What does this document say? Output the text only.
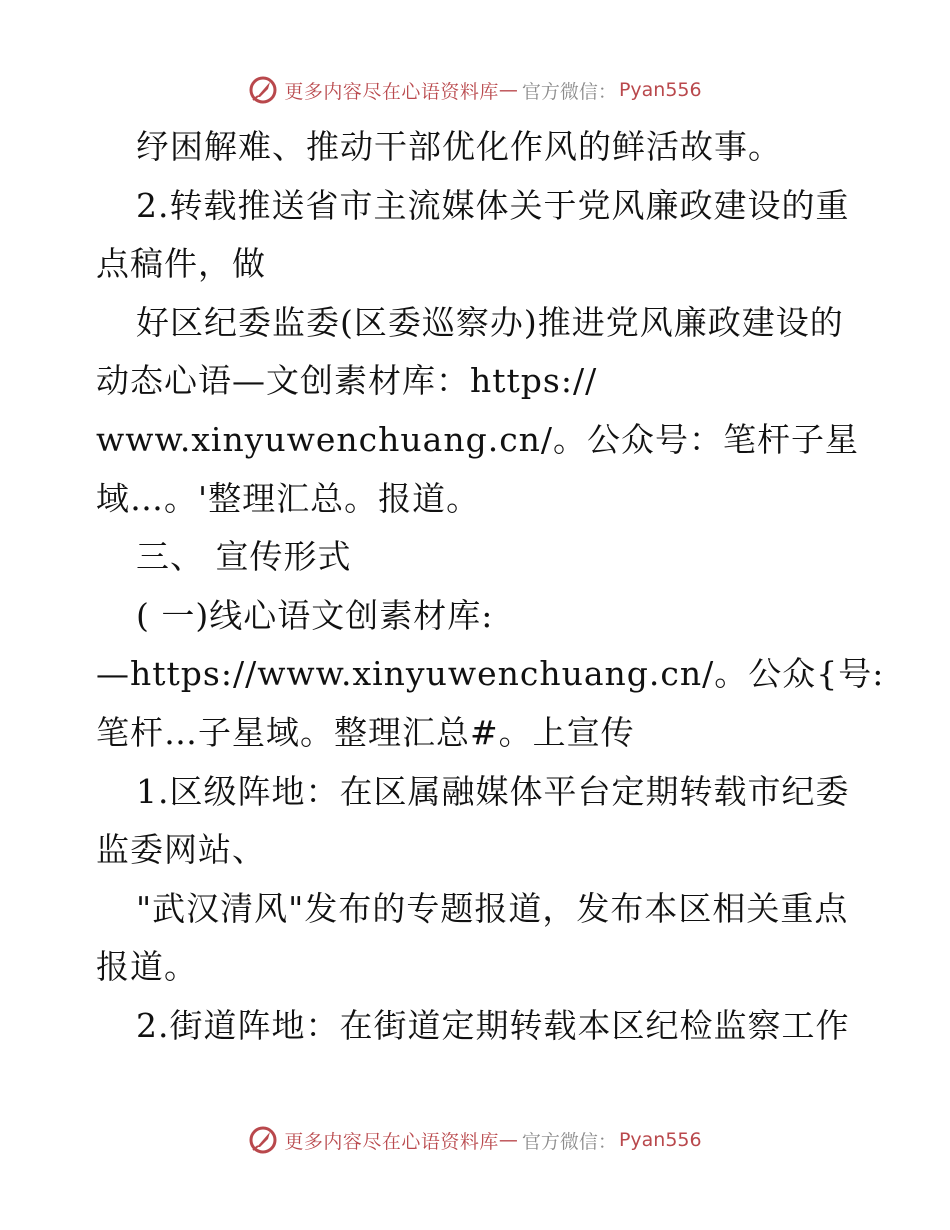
更多内容尽在心语资料库 — 官方微信： Pyan556
纾困解难、推动干部优化作风的鲜活故事。
2.转载推送省市主流媒体关于党风廉政建设的重
点稿件，做
好区纪委监委(区委巡察办)推进党风廉政建设的
动态心语—文创素材库：https://
www.xinyuwenchuang.cn/。公众号：笔杆子星
域…。'整理汇总。报道。
三、 宣传形式
( 一)线心语文创素材库:
—https://www.xinyuwenchuang.cn/。公众{号:
笔杆…子星域。整理汇总#。上宣传
1.区级阵地：在区属融媒体平台定期转载市纪委
监委网站、
"武汉清风"发布的专题报道，发布本区相关重点
报道。
2.街道阵地：在街道定期转载本区纪检监察工作
更多内容尽在心语资料库 — 官方微信： Pyan556
